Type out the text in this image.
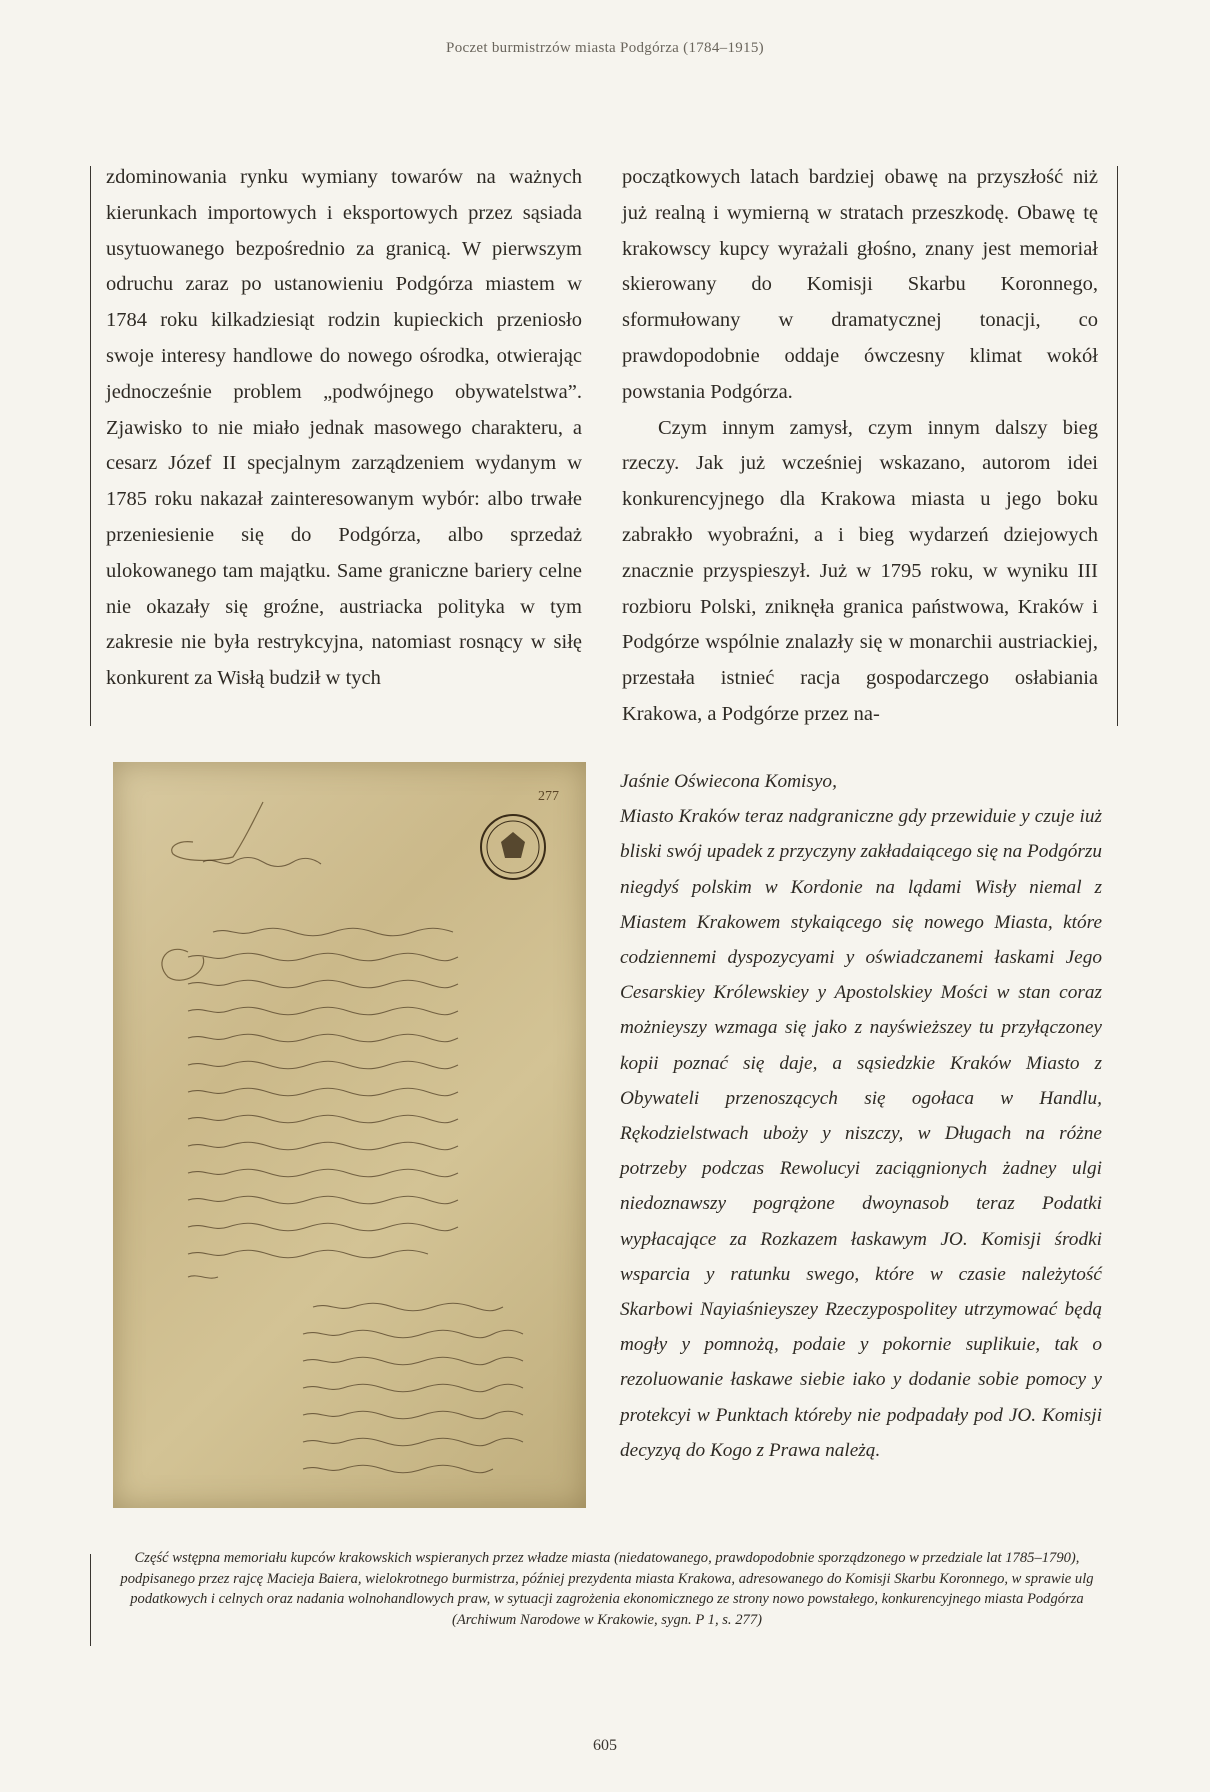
Poczet burmistrzów miasta Podgórza (1784–1915)

zdominowania rynku wymiany towarów na ważnych kierunkach importowych i eksportowych przez sąsiada usytuowanego bezpośrednio za granicą. W pierwszym odruchu zaraz po ustanowieniu Podgórza miastem w 1784 roku kilkadziesiąt rodzin kupieckich przeniosło swoje interesy handlowe do nowego ośrodka, otwierając jednocześnie problem „podwójnego obywatelstwa”. Zjawisko to nie miało jednak masowego charakteru, a cesarz Józef II specjalnym zarządzeniem wydanym w 1785 roku nakazał zainteresowanym wybór: albo trwałe przeniesienie się do Podgórza, albo sprzedaż ulokowanego tam majątku. Same graniczne bariery celne nie okazały się groźne, austriacka polityka w tym zakresie nie była restrykcyjna, natomiast rosnący w siłę konkurent za Wisłą budził w tych

początkowych latach bardziej obawę na przyszłość niż już realną i wymierną w stratach przeszkodę. Obawę tę krakowscy kupcy wyrażali głośno, znany jest memoriał skierowany do Komisji Skarbu Koronnego, sformułowany w dramatycznej tonacji, co prawdopodobnie oddaje ówczesny klimat wokół powstania Podgórza.

Czym innym zamysł, czym innym dalszy bieg rzeczy. Jak już wcześniej wskazano, autorom idei konkurencyjnego dla Krakowa miasta u jego boku zabrakło wyobraźni, a i bieg wydarzeń dziejowych znacznie przyspieszył. Już w 1795 roku, w wyniku III rozbioru Polski, zniknęła granica państwowa, Kraków i Podgórze wspólnie znalazły się w monarchii austriackiej, przestała istnieć racja gospodarczego osłabiania Krakowa, a Podgórze przez na-

277

Jaśnie Oświecona Komisyo,

Miasto Kraków teraz nadgraniczne gdy przewiduie y czuje iuż bliski swój upadek z przyczyny zakładaiącego się na Podgórzu niegdyś polskim w Kordonie na lądami Wisły niemal z Miastem Krakowem stykaiącego się nowego Miasta, które codziennemi dyspozycyami y oświadczanemi łaskami Jego Cesarskiey Królewskiey y Apostolskiey Mości w stan coraz możnieyszy wzmaga się jako z nayświeższey tu przyłączoney kopii poznać się daje, a sąsiedzkie Kraków Miasto z Obywateli przenoszących się ogołaca w Handlu, Rękodzielstwach uboży y niszczy, w Długach na różne potrzeby podczas Rewolucyi zaciągnionych żadney ulgi niedoznawszy pogrążone dwoynasob teraz Podatki wypłacające za Rozkazem łaskawym JO. Komisji środki wsparcia y ratunku swego, które w czasie należytość Skarbowi Nayiaśnieyszey Rzeczypospolitey utrzymować będą mogły y pomnożą, podaie y pokornie suplikuie, tak o rezoluowanie łaskawe siebie iako y dodanie sobie pomocy y protekcyi w Punktach któreby nie podpadały pod JO. Komisji decyzyą do Kogo z Prawa należą.

Część wstępna memoriału kupców krakowskich wspieranych przez władze miasta (niedatowanego, prawdopodobnie sporządzonego w przedziale lat 1785–1790), podpisanego przez rajcę Macieja Baiera, wielokrotnego burmistrza, później prezydenta miasta Krakowa, adresowanego do Komisji Skarbu Koronnego, w sprawie ulg podatkowych i celnych oraz nadania wolnohandlowych praw, w sytuacji zagrożenia ekonomicznego ze strony nowo powstałego, konkurencyjnego miasta Podgórza (Archiwum Narodowe w Krakowie, sygn. P 1, s. 277)
605
